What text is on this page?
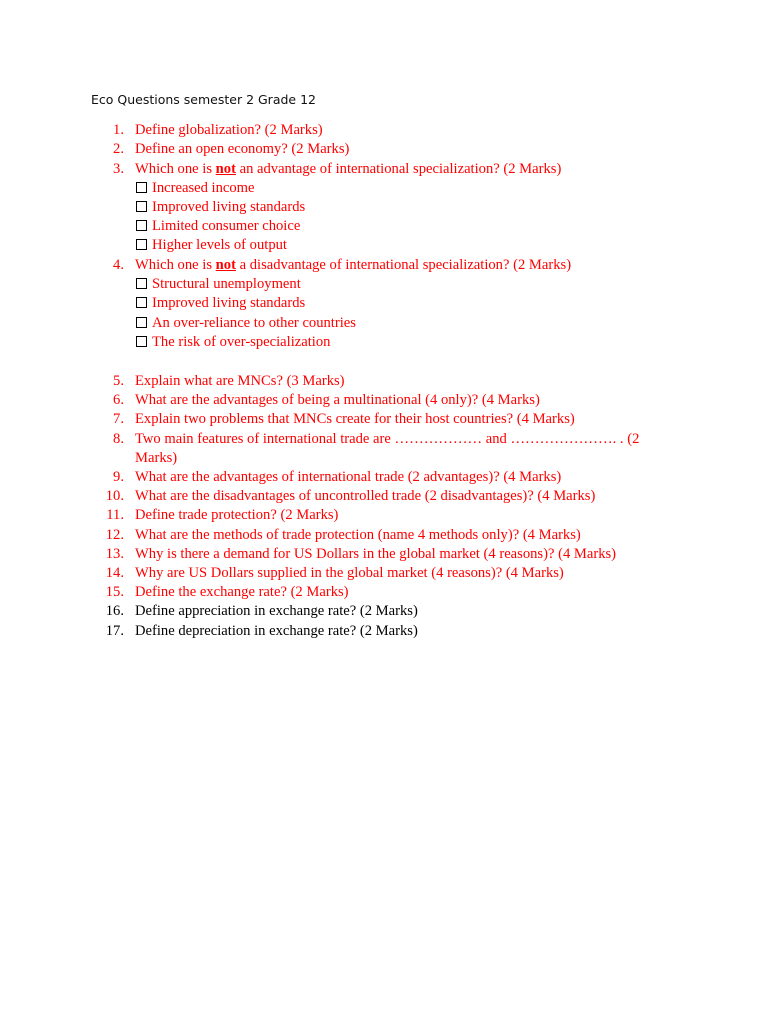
Eco Questions semester 2 Grade 12
1. Define globalization? (2 Marks)
2. Define an open economy? (2 Marks)
3. Which one is not an advantage of international specialization? (2 Marks)
Increased income
Improved living standards
Limited consumer choice
Higher levels of output
4. Which one is not a disadvantage of international specialization? (2 Marks)
Structural unemployment
Improved living standards
An over-reliance to other countries
The risk of over-specialization
5. Explain what are MNCs? (3 Marks)
6. What are the advantages of being a multinational (4 only)? (4 Marks)
7. Explain two problems that MNCs create for their host countries? (4 Marks)
8. Two main features of international trade are ……………… and …………………. . (2 Marks)
9. What are the advantages of international trade (2 advantages)? (4 Marks)
10. What are the disadvantages of uncontrolled trade (2 disadvantages)? (4 Marks)
11. Define trade protection? (2 Marks)
12. What are the methods of trade protection (name 4 methods only)? (4 Marks)
13. Why is there a demand for US Dollars in the global market (4 reasons)? (4 Marks)
14. Why are US Dollars supplied in the global market (4 reasons)? (4 Marks)
15. Define the exchange rate? (2 Marks)
16. Define appreciation in exchange rate? (2 Marks)
17. Define depreciation in exchange rate? (2 Marks)
